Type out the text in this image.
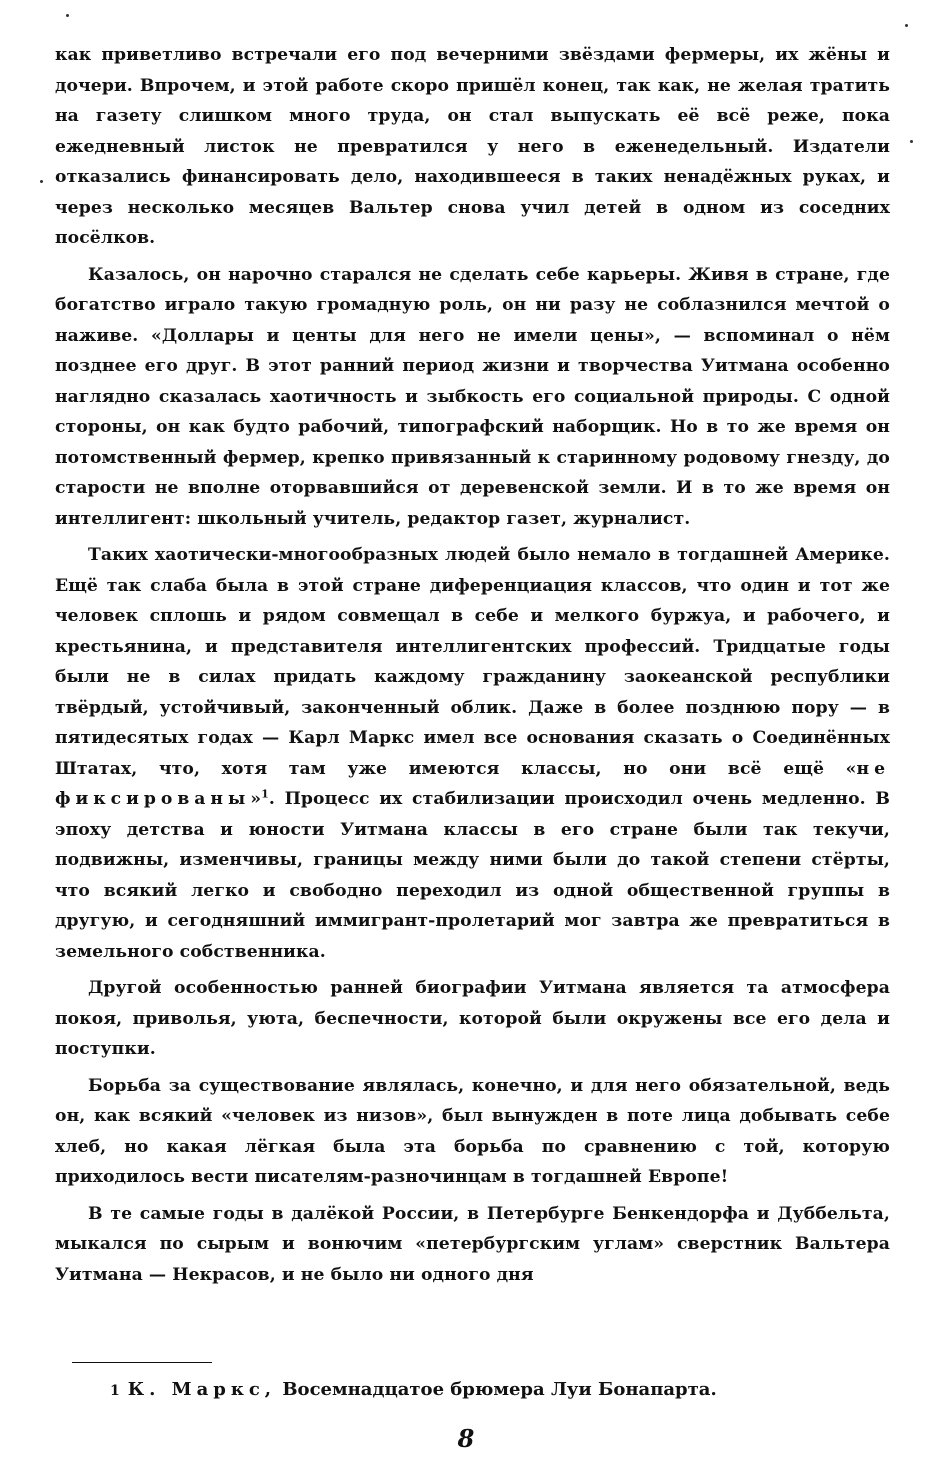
как приветливо встречали его под вечерними звёздами фермеры, их жёны и дочери. Впрочем, и этой работе скоро пришёл конец, так как, не желая тратить на газету слишком много труда, он стал выпускать её всё реже, пока ежедневный листок не превратился у него в еженедельный. Издатели отказались финансировать дело, находившееся в таких ненадёжных руках, и через несколько месяцев Вальтер снова учил детей в одном из соседних посёлков.

Казалось, он нарочно старался не сделать себе карьеры. Живя в стране, где богатство играло такую громадную роль, он ни разу не соблазнился мечтой о наживе. «Доллары и центы для него не имели цены», — вспоминал о нём позднее его друг. В этот ранний период жизни и творчества Уитмана особенно наглядно сказалась хаотичность и зыбкость его социальной природы. С одной стороны, он как будто рабочий, типографский наборщик. Но в то же время он потомственный фермер, крепко привязанный к старинному родовому гнезду, до старости не вполне оторвавшийся от деревенской земли. И в то же время он интеллигент: школьный учитель, редактор газет, журналист.

Таких хаотически-многообразных людей было немало в тогдашней Америке. Ещё так слаба была в этой стране диференциация классов, что один и тот же человек сплошь и рядом совмещал в себе и мелкого буржуа, и рабочего, и крестьянина, и представителя интеллигентских профессий. Тридцатые годы были не в силах придать каждому гражданину заокеанской республики твёрдый, устойчивый, законченный облик. Даже в более позднюю пору — в пятидесятых годах — Карл Маркс имел все основания сказать о Соединённых Штатах, что, хотя там уже имеются классы, но они всё ещё «не фиксированы»$^1$. Процесс их стабилизации происходил очень медленно. В эпоху детства и юности Уитмана классы в его стране были так текучи, подвижны, изменчивы, границы между ними были до такой степени стёрты, что всякий легко и свободно переходил из одной общественной группы в другую, и сегодняшний иммигрант-пролетарий мог завтра же превратиться в земельного собственника.

Другой особенностью ранней биографии Уитмана является та атмосфера покоя, приволья, уюта, беспечности, которой были окружены все его дела и поступки.

Борьба за существование являлась, конечно, и для него обязательной, ведь он, как всякий «человек из низов», был вынужден в поте лица добывать себе хлеб, но какая лёгкая была эта борьба по сравнению с той, которую приходилось вести писателям-разночинцам в тогдашней Европе!

В те самые годы в далёкой России, в Петербурге Бенкендорфа и Дуббельта, мыкался по сырым и вонючим «петербургским углам» сверстник Вальтера Уитмана — Некрасов, и не было ни одного дня

1 К. Маркс, Восемнадцатое брюмера Луи Бонапарта.
8
